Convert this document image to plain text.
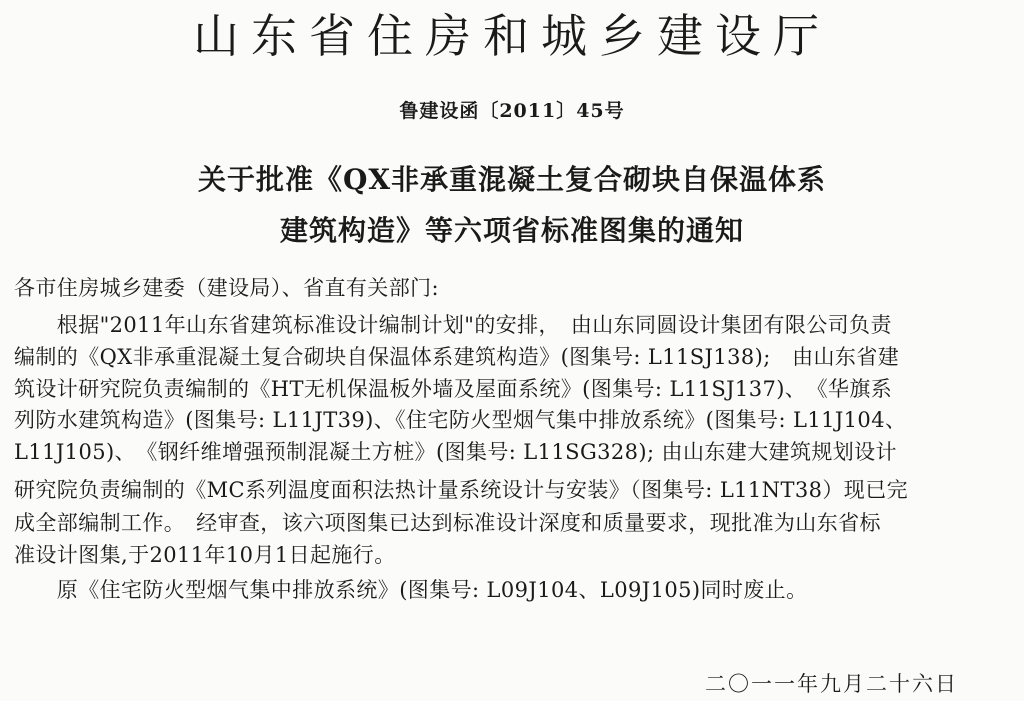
山东省住房和城乡建设厅
鲁建设函〔2011〕45号
关于批准《QX非承重混凝土复合砌块自保温体系
建筑构造》等六项省标准图集的通知
各市住房城乡建委（建设局）、省直有关部门:
　　根据"2011年山东省建筑标准设计编制计划"的安排，　由山东同圆设计集团有限公司负责
编制的《QX非承重混凝土复合砌块自保温体系建筑构造》(图集号: L11SJ138);　由山东省建
筑设计研究院负责编制的《HT无机保温板外墙及屋面系统》(图集号: L11SJ137)、　《华旗系
列防水建筑构造》(图集号: L11JT39)、《住宅防火型烟气集中排放系统》(图集号: L11J104、
L11J105)、　《钢纤维增强预制混凝土方桩》(图集号: L11SG328); 由山东建大建筑规划设计
研究院负责编制的《MC系列温度面积法热计量系统设计与安装》（图集号: L11NT38）现已完
成全部编制工作。　经审查，该六项图集已达到标准设计深度和质量要求，现批准为山东省标
准设计图集,于2011年10月1日起施行。
　　原《住宅防火型烟气集中排放系统》(图集号: L09J104、L09J105)同时废止。
二〇一一年九月二十六日
